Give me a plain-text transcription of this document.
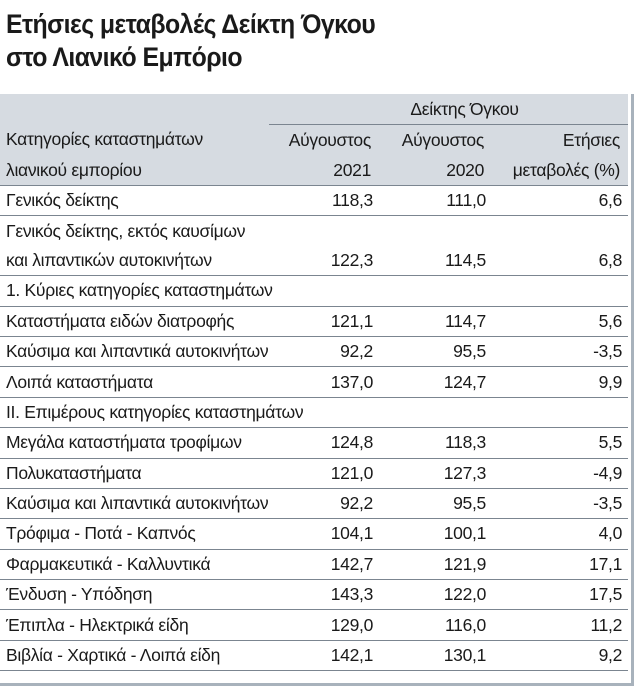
Ετήσιες μεταβολές Δείκτη Όγκου
στο Λιανικό Εμπόριο
	Δείκτης Όγκου		
Κατηγορίες καταστημάτων	Αύγουστος	Αύγουστος	Ετήσιες
λιανικού εμπορίου	2021	2020	μεταβολές (%)
Γενικός δείκτης	118,3	111,0	6,6
Γενικός δείκτης, εκτός καυσίμων			
και λιπαντικών αυτοκινήτων	122,3	114,5	6,8
1. Κύριες κατηγορίες καταστημάτων			
Καταστήματα ειδών διατροφής	121,1	114,7	5,6
Καύσιμα και λιπαντικά αυτοκινήτων	92,2	95,5	-3,5
Λοιπά καταστήματα	137,0	124,7	9,9
II. Επιμέρους κατηγορίες καταστημάτων			
Μεγάλα καταστήματα τροφίμων	124,8	118,3	5,5
Πολυκαταστήματα	121,0	127,3	-4,9
Καύσιμα και λιπαντικά αυτοκινήτων	92,2	95,5	-3,5
Τρόφιμα - Ποτά - Καπνός	104,1	100,1	4,0
Φαρμακευτικά - Καλλυντικά	142,7	121,9	17,1
Ένδυση - Υπόδηση	143,3	122,0	17,5
Έπιπλα - Ηλεκτρικά είδη	129,0	116,0	11,2
Βιβλία - Χαρτικά - Λοιπά είδη	142,1	130,1	9,2
